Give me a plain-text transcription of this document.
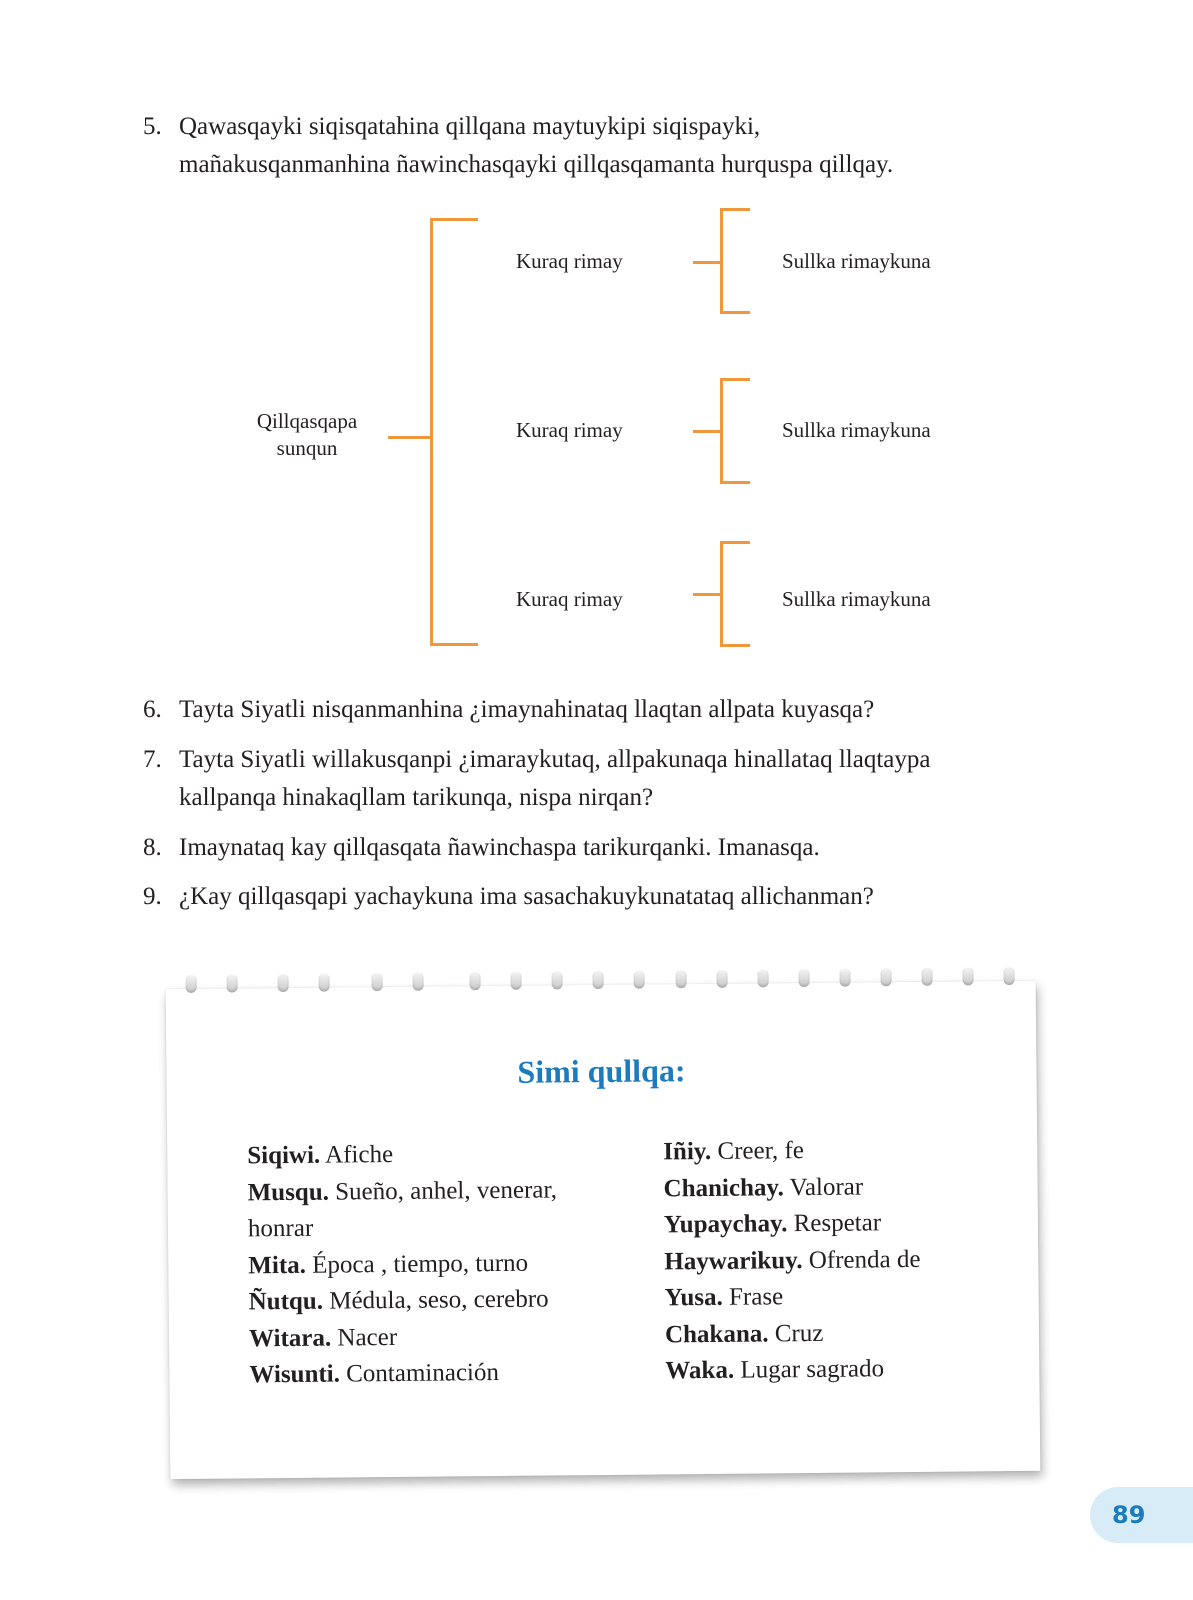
5. Qawasqayki siqisqatahina qillqana maytuykipi siqispayki,
mañakusqanmanhina ñawinchasqayki qillqasqamanta hurquspa qillqay.
Qillqasqapa
sunqun
Kuraq rimay	Sullka rimaykuna
Kuraq rimay	Sullka rimaykuna
Kuraq rimay	Sullka rimaykuna
6. Tayta Siyatli nisqanmanhina ¿imaynahinataq llaqtan allpata kuyasqa?
7. Tayta Siyatli willakusqanpi ¿imaraykutaq, allpakunaqa hinallataq llaqtaypa
kallpanqa hinakaqllam tarikunqa, nispa nirqan?
8. Imaynataq kay qillqasqata ñawinchaspa tarikurqanki. Imanasqa.
9. ¿Kay qillqasqapi yachaykuna ima sasachakuykunatataq allichanman?
Simi qullqa:
Siqiwi. Afiche
Musqu. Sueño, anhel, venerar,
honrar
Mita. Época , tiempo, turno
Ñutqu. Médula, seso, cerebro
Witara. Nacer
Wisunti. Contaminación
Iñiy. Creer, fe
Chanichay. Valorar
Yupaychay. Respetar
Haywarikuy. Ofrenda de
Yusa. Frase
Chakana. Cruz
Waka. Lugar sagrado
89
